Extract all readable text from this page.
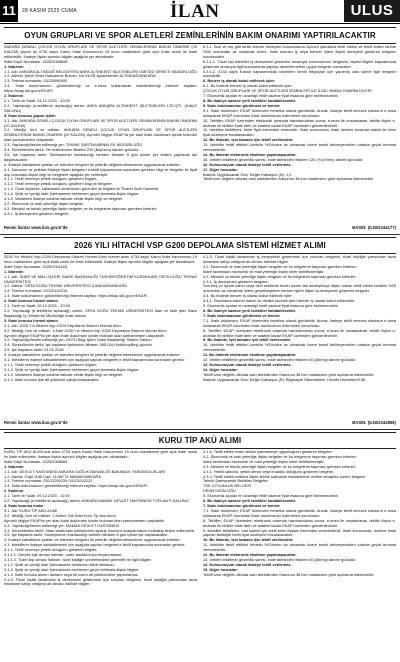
11	28 KASIM 2025 CUMA	İLAN	ULUS
OYUN GRUPLARI VE SPOR ALETLERİ ZEMİNLERİNİN BAKIM ONARIMI YAPTIRILACAKTIR

ANKARA DEMALİ ÇOCUK OYUN GRUPLARI VE SPOR ALETLERİ ZEMİNLERİNİN BAKIM ONARIMI (20 KALEM) yapım işi 4734 sayılı Kamu İhale Kanununun 19 uncu maddesine göre açık ihale usulü ile ihale edilecektir. İhaleye ilişkin ayrıntılı bilgiler aşağıda yer almaktadır:

İhale Kayıt Numarası: 2025/2068698

1. İdarenin

1.1. Adı: ANKARA ALTINDAĞ BELEDİYESİ ANFA ALTINKENT İŞLETMELERİ LİMİTED ŞİRKETİ MÜDÜRLÜĞÜ

1.2. Adresi: Şehit Ömer Halisdemir Bulvarı, No:14/2R Aydınlıkevler ALTINDAĞ/ANKARA

1.3. Telefon numarası: 03125890000

1.4. İhale dokümanının görülebileceği ve e-imza kullanılarak indirilebileceği internet sayfası: https://ekap.kik.gov.tr/EKAP/

2. İhalenin

2.1. Tarih ve Saati: 24.12.2025 - 10:00

2.2. Yapılacağı (e-tekliflerin açılacağı) adres: ANFA ANKARA ALTINKENT İŞLETMELERİ LTD.ŞTİ. (İHALE SALONU)

3. İhale konusu yapım işinin

3.1. Adı: ANKARA GENELİ ÇOCUK OYUN GRUPLARI VE SPOR ALETLERİ ZEMİNLERİNİN BAKIM ONARIMI (20 KALEM)

3.2. Niteliği, türü ve miktarı: ANKARA GENELİ ÇOCUK OYUN GRUPLARI VE SPOR ALETLERİ ZEMİNLERİNİN BAKIM ONARIMI (20 KALEM). Ayrıntılı bilgiye EKAP'ta yer alan ihale dokümanı içinde bulunan idari şartnameden ulaşılabilir.

3.3. Yapılacağı/teslim edileceği yer: TEKNİK ŞARTNAMENİN EK-MÜDÜRLÜĞÜ

3.4. Süresi/teslim tarihi: Yer tesliminden itibaren 210 (ikiyüzon) takvim günüdür.

3.5. İşe başlama tarihi: Sözleşmenin imzalandığı tarihten itibaren 5 gün içinde yer teslimi yapılarak işe başlanacaktır.

4. İhaleye katılabilme şartları ve istenilen belgeler ile yeterlik değerlendirmesinde uygulanacak kriterler:

4.1. Kanunun ve yetkisiz ihaleye ilişkin belgeleri e-teklif kapsamında sunmaları gereken bilgi ve belgeler ile fiyat dışı unsurlara ilişkin bilgi ve belgelere aşağıda yer verilmiştir:

4.1.1. Teklif vermeye yetkili olduğunu gösteren bilgiler;

4.1.2. Teklif vermeye yetkili olduğunu gösteren bilgi ve belgeler;

4.1.3. Tüzel kişilerde, sistemdeki sicilerinden görenleri ile bilgileri ile Ticaret Sicili Gazetesi

4.1.4. Şekli ve içeriği İdari Şartnamede belirlenen geçici teminata ilişkin bilgiler.

4.1.5. Vekaleten ihaleye katılma halinde vekile ilişkin bilgi ve belgeler.

4.2. Ekonomik ve mali yeterliğe ilişkin belgeler

4.3. Mesleki ve teknik yeterliğe ilişkin belgeler ve bu belgelerin taşıması gereken kriterler:

4.3.1. İş deneyimini gösteren belgeler

6.3.1. Bon ve ray gibi tarife ödeme deneyimi bulunmasına üçüncü şahıslara teklif edilen ve teklif edilen tarihte %30 oranından az olmamak üzere, ihale konusu iş veya benzer işlere ilişkin deneyimi gösteren belgeler sunulacaktır.

6.3.1.1. Tüzel kişi istekliler iş deneyimini gösterme amacıyla kurucularının belgesini, kişisel bilgiler kapsamında gösterme amacıyla ilgili kurulurlarda yapılan düzenlemelere uygun belgeler sunacaktır.

4.3.1.2. 4734 sayılı Kanun kapsamındaki idarelerin kendi ihtiyaçları için yapılmış olan işlerle ilgili belgeler sunulabilir.

6. Benzer iş olarak kabul edilecek işler:

6.1. Bu ihalede benzer iş olarak kabul edilecek işler:

ÇOCUK OYUN GRUPLARI VE SPOR ALETLERİ ZEMİNLERİ İLE İLGİLİ BAKIM ONARIM İŞLERİ

7. Ekonomik açıdan en avantajlı teklif sadece fiyat esasına göre belirlenecektir.

8. Bu ihaleye sadece yerli istekliler katılabilecektir.

9. İhale dokümanının görülmesi ve temini:

9.1. İhale dokümanı, EKAP üzerinden bedelsiz olarak görülebilir. Ancak, ihaleye teklif verecek olanların e-imza kullanarak EKAP üzerinden ihale dokümanını indirmeleri zorunludur.

10. Teklifler, EKAP üzerinden elektronik ortamda hazırlandıktan sonra, e-imza ile imzalanarak, teklife ilişkin e-anahtar ile birlikte ihale tarih ve saatine kadar EKAP üzerinden gönderilecektir.

11. İstekliler tekliflerini, birim fiyat üzerinden verecektir. İhale sonucunda, ihale üzerine bırakılan istekli ile birim fiyat sözleşme imzalanacaktır.

12. Bu ihalede, işin tamamı için teklif verilecektir.

13. İstekliler teklif ettikleri bedelin %3'ünden az olmamak üzere kendi belirleyecekleri tutarda geçici teminat vereceklerdir.

14. Bu ihalede elektronik eksiltme yapılmayacaktır.

15. Verilen tekliflerin geçerlilik süresi, ihale tarihinden itibaren 120 (YüzYirmi) takvim günüdür.

16. Konsorsiyum olarak ihaleye teklif verilemez.

17. Diğer hususlar:

İhalede Uygulanacak Sınır Değer Katsayısı (N): 1,2

Teklif sınır değerin altında olan isteklilerden Kanunun 38 inci maddesine göre açıklama istenecektir.

Resmi ilanlar www.ilan.gov.tr'de	BASIN: (ILN02344177)
2026 YILI HİTACHİ VSP G200 DEPOLAMA SİSTEMİ HİZMET ALIMI

2026 Yılı Hitachi Vsp G200 Depolama Sistemi Hizmet Alımı hizmet alımı 4734 sayılı Kamu İhale Kanununun 19 uncu maddesine göre açık ihale usulü ile ihale edilecektir. İhaleye ilişkin ayrıntılı bilgiler aşağıda yer almaktadır:

İhale Kayıt Numarası: 2025/2001163

1. İdarenin

1.1. Adı: İDARİ VE MALİ İŞLERİ DAİRE BAŞKANLIĞI YÜKSEKÖĞRETİM KURUMLARI ORTA DOĞU TEKNİK ÜNİVERSİTESİ

1.2. Adresi: ORTA DOĞU TEKNİK ÜNİVERSİTESİ ÇANKAYA/ANKARA

1.3. Telefon numarası: 03122102315

1.4. İhale dokümanının görülebileceği internet sayfası: https://ekap.kik.gov.tr/EKAP/

2. İhale konusu hizmet alımın

2.1. Tarih ve Saati: 09.12.2025 - 10:00

2.2. Yapılacağı (e-tekliflerin açılacağı) adres: ORTA DOĞU TEKNİK ÜNİVERSİTESİ İdari ve Mali İşler Daire Başkanlığı İş Geliştirme Müdürlüğü ihale salonu

3. İhale konusu hizmet alımın

3.1. Adı: 2026 Yılı Hitachi Vsp G200 Depolama Sistemi Hizmet Alımı

3.2. Niteliği, türü ve miktarı: 1 Adet 2026 Yılı Hitachi Vsp G200 Depolama Sistemi Hizmet Alımı

Ayrıntılı bilgiye EKAP'ta yer alan ihale dokümanı içinde bulunan idari şartnameden ulaşılabilir.

3.3. Yapılacağı/teslim edileceği yer: ODTÜ Bilgi İşlem Daire Başkanlığı Sistem Salonu

3.4. Süresi/teslim tarihi: İşe başlama tarihinden itibaren 365 (ÜçYüzAltmışBeş) gündür.

3.5. İşe başlama tarihi: 01.01.2026

4. İhaleye katılabilme şartları ve istenilen belgeler ile yeterlik değerlendirmesinde uygulanacak kriterler:

4.1. İsteklilerin ihaleye katılabilmeleri için aşağıda sayılan belgeleri e-teklif kapsamında sunmaları gerekir:

4.1.1. Teklif vermeye yetkili olduğunu gösteren bilgiler;

4.1.2. Şekli ve içeriği İdari Şartnamede belirlenen geçici teminata ilişkin bilgiler.

4.1.3. Vekaleten ihaleye katılma halinde vekile ilişkin bilgi ve belgeler.

4.1.4. İhale konusu işte alt yüklenici çalıştırılmayacaktır.

4.1.5. Tüzel kişilik tarafından iş deneyimini göstermek için sunulan belgenin, tüzel kişiliğin yarısından fazla hissesine sahip ortağına ait olması halinde bilgiler.

4.2. Ekonomik ve mali yeterliğe ilişkin belgeler ve bu belgelerin taşıması gereken kriterler:

İdare tarafından ekonomik ve mali yeterliğe ilişkin kriter belirtilmemiştir.

4.3. Mesleki ve teknik yeterliğe ilişkin belgeler ve bu belgelerin taşıması gereken kriterler:

4.3.1. İş deneyimini gösteren belgeler:

Son beş yıl içinde kamu veya özel sektörde bedel içeren tek sözleşmeye ilişkin olarak teklif edilen bedelin %25 oranından az olmamak üzere gerçekleştirilen benzer işlere ilişkin iş deneyimini gösteren belgeler.

4.4. Bu ihalede benzer iş olarak kabul edilecek işler:

4.4.1. Depolama sistemi bakım ve destek hizmeti işleri benzer iş olarak kabul edilecektir.

5. Ekonomik açıdan en avantajlı teklif sadece fiyat esasına göre belirlenecektir.

6. Bu ihaleye sadece yerli istekliler katılabilecektir.

7. İhale dokümanının görülmesi ve temini:

7.1. İhale dokümanı, EKAP üzerinden bedelsiz olarak görülebilir. Ancak, ihaleye teklif verecek olanların e-imza kullanarak EKAP üzerinden ihale dokümanını indirmeleri zorunludur.

8. Teklifler, EKAP üzerinden elektronik ortamda hazırlandıktan sonra, e-imza ile imzalanarak, teklife ilişkin e-anahtar ile birlikte ihale tarih ve saatine kadar EKAP üzerinden gönderilecektir.

9. Bu ihalede, işin tamamı için teklif verilecektir.

10. İstekliler teklif ettikleri bedelin %3'ünden az olmamak üzere kendi belirleyecekleri tutarda geçici teminat vereceklerdir.

11. Bu ihalede elektronik eksiltme yapılmayacaktır.

12. Verilen tekliflerin geçerlilik süresi, ihale tarihinden itibaren 60 (Altmış) takvim günüdür.

13. Konsorsiyum olarak ihaleye teklif verilemez.

14. Diğer hususlar:

Teklifi sınır değerin altında olan isteklilerden Kanunun 38 inci maddesine göre açıklama istenecektir.

İhalede Uygulanacak Sınır Değer Katsayısı (R): Bilgisayar Sistemlerine Yönelik Hizmetler/0,86

Resmi ilanlar www.ilan.gov.tr'de	BASIN: (ILN02344858)
KURU TİP AKÜ ALIMI

KURU TİP AKÜ ALIMI mal alımı 4734 sayılı Kamu İhale Kanununun 19 uncu maddesine göre açık ihale usulü ile ihale edilecektir. İhaleye ilişkin ayrıntılı bilgiler aşağıda yer almaktadır:

İhale Kayıt Numarası: 2025/2068584

1. İdarenin

1.1. Adı: DEVLET HASTANESİ ANKARA SAĞLIK BAKANLIĞI BAKANLIK YARDIMCILIKLARI

1.2. Adresi: Orgil 1105 Cad. 11/36774 MAMAK/ANKARA

1.3. Telefon numarası: 03123200229-03123202222

1.4. İhale dokümanının görülebileceği internet sayfası: https://ekap.kik.gov.tr/EKAP/

2. İhalenin

2.1. Tarih ve Saati: 09.12.2025 - 11:00

2.2. Yapılacağı (e-tekliflerin açılacağı) adres: ANKARA MAMAK DEVLET HASTANESİ TOPLANTI SALONU

3. İhale konusu malın

3.1. Adı: KURU TİP AKÜ ALIMI

3.2. Niteliği, türü ve miktarı: 1 Kalem 240 Adet Kuru Tip Akü Alımı

Ayrıntılı bilgiye EKAP'ta yer alan ihale dokümanı içinde bulunan idari şartnameden ulaşılabilir.

3.3. Yapılacağı/teslim edileceği yer: MAMAK DEVLET HASTANESİ

3.4. Süresi/teslim tarihi: İdare tarafından yüklenicinin sipariş formunu onaylatmasını müteakip teslim edilecektir.

3.5. İşe başlama tarihi: Sözleşmenin imzalandığı tarihten itibaren 5 gün içinde işe başlanacaktır.

4. İhaleye katılabilme şartları ve istenilen belgeler ile yeterlik değerlendirmesinde uygulanacak kriterler:

4.1. İsteklilerin ihaleye katılabilmeleri için aşağıda sayılan belgeleri e-teklif kapsamında sunmaları gerekir:

4.1.1. Teklif vermeye yetkili olduğunu gösteren bilgiler;

4.1.1.1. Gerçek kişi olması halinde, noter tasdikli imza beyannamesi;

4.1.1.2. Tüzel kişi olması halinde, tüzel kişiliğin yönetimindeki görevliler ile ilgili bilgiler.

4.1.2. Şekli ve içeriği İdari Şartnamede belirlenen teklif mektubu.

4.1.3. Şekli ve içeriği İdari Şartnamede belirlenen geçici teminata ilişkin bilgiler.

4.1.4. İhale konusu alımın tamamı veya bir kısmı alt yüklenicilere yaptırılamaz.

4.1.5. Tüzel kişilik tarafından iş deneyimini göstermek için sunulan belgenin, tüzel kişiliğin yarısından fazla hissesine sahip ortağına ait olması halinde bilgiler.

4.1.6. Teklif edilen malın teknik şartnameye uygunluğunu gösteren belgeler.

4.2. Ekonomik ve mali yeterliğe ilişkin belgeler ve bu belgelerin taşıması gereken kriterler:

İdare tarafından ekonomik ve mali yeterliğe ilişkin kriter belirtilmemiştir.

4.3. Mesleki ve teknik yeterliğe ilişkin belgeler ve bu belgelerin taşıması gereken kriterler:

4.3.1. Yetkili satıcılık, yetkili servis veya imalatçı olduğunu gösteren belgeler.

4.3.2. Teklif edilen mallara ilişkin teknik şartname maddelerine verilen cevapları içeren belgeler.

Teknik Şartnamede Belirtilen Belgeler:

TSE UYGUNLUK BELGESİ

ÜRÜN KATALOĞU

5. Ekonomik açıdan en avantajlı teklif sadece fiyat esasına göre belirlenecektir.

6. Bu ihaleye sadece yerli istekliler katılabilecektir.

7. İhale dokümanının görülmesi ve temini:

7.1. İhale dokümanı, EKAP üzerinden bedelsiz olarak görülebilir. Ancak, ihaleye teklif verecek olanların e-imza kullanarak EKAP üzerinden ihale dokümanını indirmeleri zorunludur.

8. Teklifler, EKAP üzerinden elektronik ortamda hazırlandıktan sonra, e-imza ile imzalanarak, teklife ilişkin e-anahtar ile birlikte ihale tarih ve saatine kadar EKAP üzerinden gönderilecektir.

9. İstekliler tekliflerini, mal kalemi için teklif birim fiyatlar üzerinden vereceklerdir. İhale sonucunda, üzerine ihale yapılan istekliyle birim fiyat sözleşme imzalanacaktır.

10. Bu ihalede, işin tamamı için teklif verilecektir.

11. İstekliler teklif ettikleri bedelin %3'ünden az olmamak üzere kendi belirleyecekleri tutarda geçici teminat vereceklerdir.

12. Bu ihalede elektronik eksiltme yapılmayacaktır.

13. Verilen tekliflerin geçerlilik süresi, ihale tarihinden itibaren 60 (Altmış) takvim günüdür.

14. Konsorsiyum olarak ihaleye teklif verilemez.

15. Diğer hususlar:

Teklifi sınır değerin altında olan isteklilerden Kanunun 38 inci maddesine göre açıklama istenecektir.
